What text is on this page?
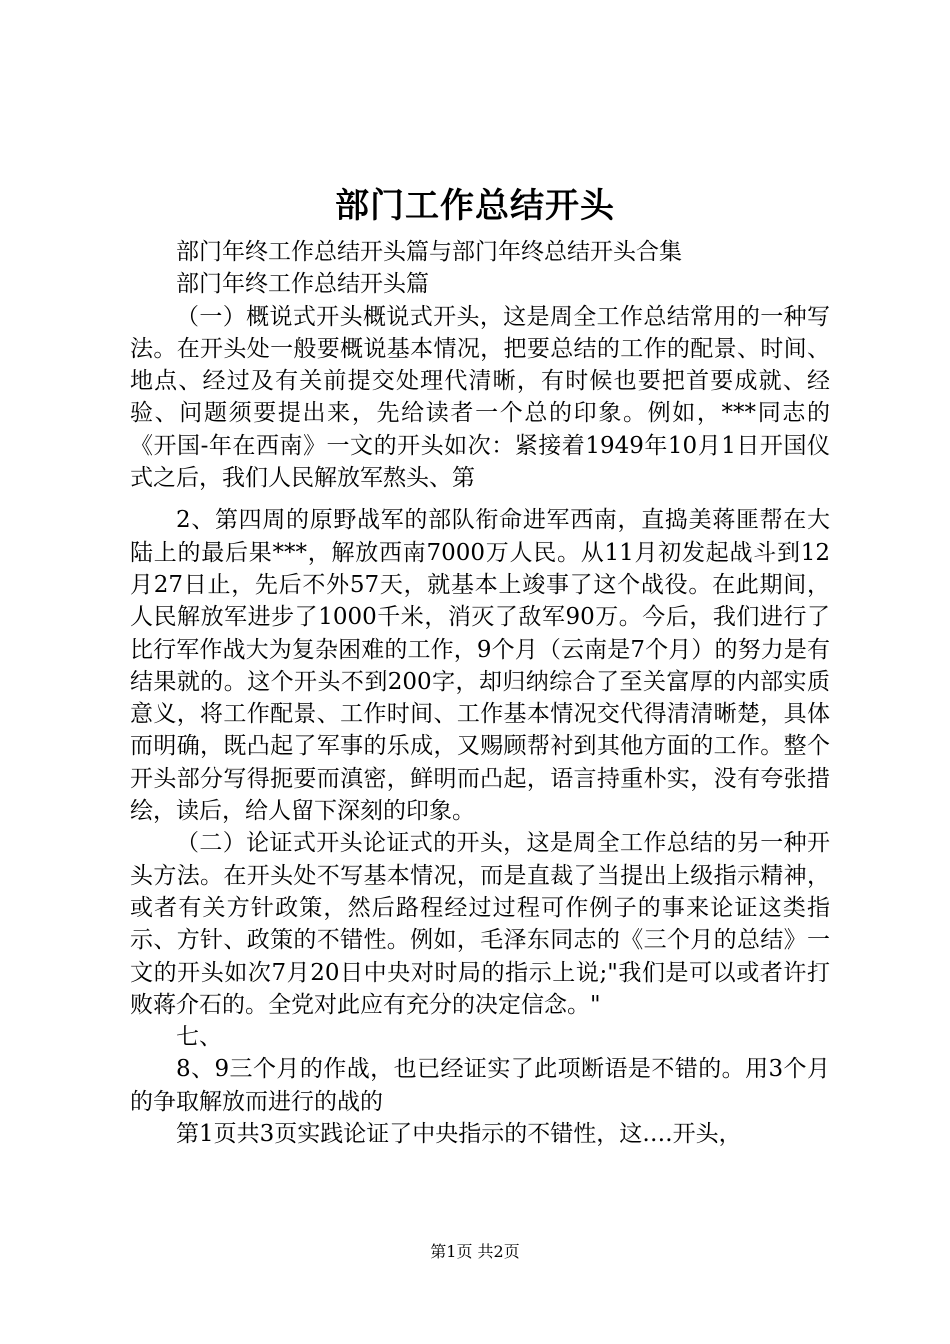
部门工作总结开头

部门年终工作总结开头篇与部门年终总结开头合集

部门年终工作总结开头篇

（一）概说式开头概说式开头，这是周全工作总结常用的一种写法。在开头处一般要概说基本情况，把要总结的工作的配景、时间、地点、经过及有关前提交处理代清晰，有时候也要把首要成就、经验、问题须要提出来，先给读者一个总的印象。例如，***同志的《开国-年在西南》一文的开头如次：紧接着1949年10月1日开国仪式之后，我们人民解放军熬头、第

2、第四周的原野战军的部队衔命进军西南，直捣美蒋匪帮在大陆上的最后果***，解放西南7000万人民。从11月初发起战斗到12月27日止，先后不外57天，就基本上竣事了这个战役。在此期间，人民解放军进步了1000千米，消灭了敌军90万。今后，我们进行了比行军作战大为复杂困难的工作，9个月（云南是7个月）的努力是有结果就的。这个开头不到200字，却归纳综合了至关富厚的内部实质意义，将工作配景、工作时间、工作基本情况交代得清清晰楚，具体而明确，既凸起了军事的乐成，又赐顾帮衬到其他方面的工作。整个开头部分写得扼要而滇密，鲜明而凸起，语言持重朴实，没有夸张措绘，读后，给人留下深刻的印象。

（二）论证式开头论证式的开头，这是周全工作总结的另一种开头方法。在开头处不写基本情况，而是直裁了当提出上级指示精神，或者有关方针政策，然后路程经过过程可作例子的事来论证这类指示、方针、政策的不错性。例如，毛泽东同志的《三个月的总结》一文的开头如次7月20日中央对时局的指示上说;"我们是可以或者许打败蒋介石的。全党对此应有充分的决定信念。"

七、

8、9三个月的作战，也已经证实了此项断语是不错的。用3个月的争取解放而进行的战的

第1页共3页实践论证了中央指示的不错性，这….开头，

第1页 共2页
